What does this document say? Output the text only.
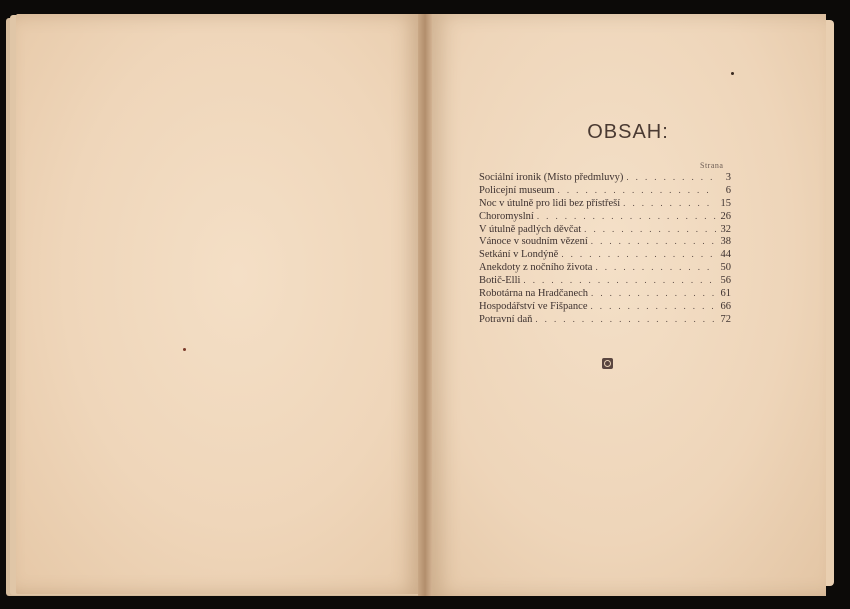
OBSAH:
Strana
Sociální ironik (Místo předmluvy) . . .	3
Policejní museum . . .	6
Noc v útulně pro lidi bez přístřeší . . .	15
Choromyslní . . .	26
V útulně padlých děvčat . . .	32
Vánoce v soudním vězení . . .	38
Setkání v Londýně . . .	44
Anekdoty z nočního života . . .	50
Botič-Elli . . .	56
Robotárna na Hradčanech . . .	61
Hospodářství ve Fišpance . . .	66
Potravní daň . . .	72
